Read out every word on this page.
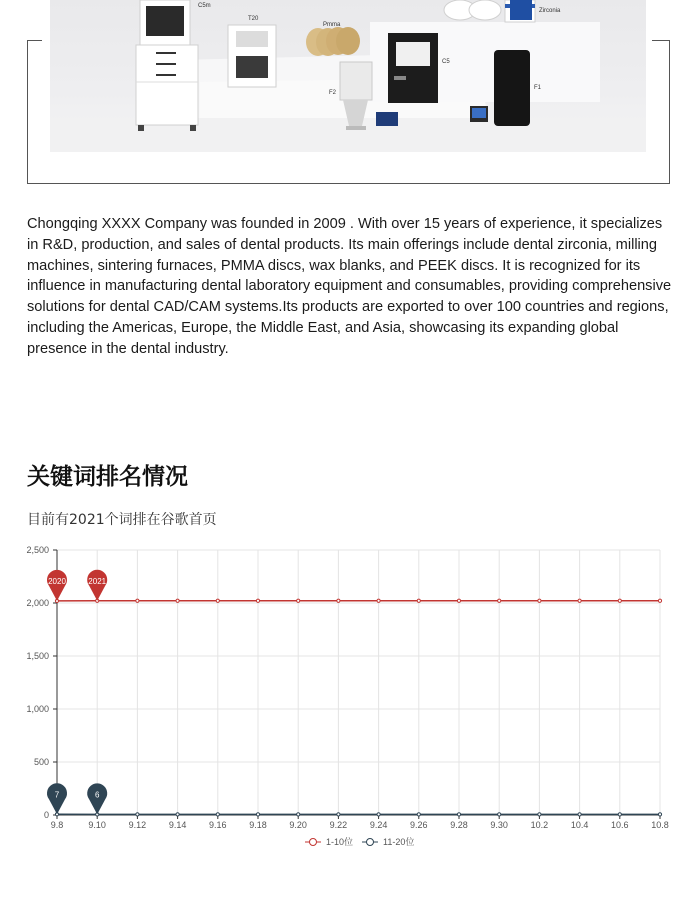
C5m
T20
Pmma
Zirconia
C5
F2
F1

Chongqing XXXX Company was founded in 2009 . With over 15 years of experience, it specializes in R&D, production, and sales of dental products. Its main offerings include dental zirconia, milling machines, sintering furnaces, PMMA discs, wax blanks, and PEEK discs. It is recognized for its influence in manufacturing dental laboratory equipment and consumables, providing comprehensive solutions for dental CAD/CAM systems.Its products are exported to over 100 countries and regions, including the Americas, Europe, the Middle East, and Asia, showcasing its expanding global presence in the dental industry.

关键词排名情况

目前有2021个词排在谷歌首页

0
500
1,000
1,500
2,000
2,500
9.8	9.10	9.12	9.14	9.16	9.18	9.20	9.22	9.24	9.26	9.28	9.30	10.2	10.4	10.6	10.8
2020	2021
7	6
1-10位	11-20位
